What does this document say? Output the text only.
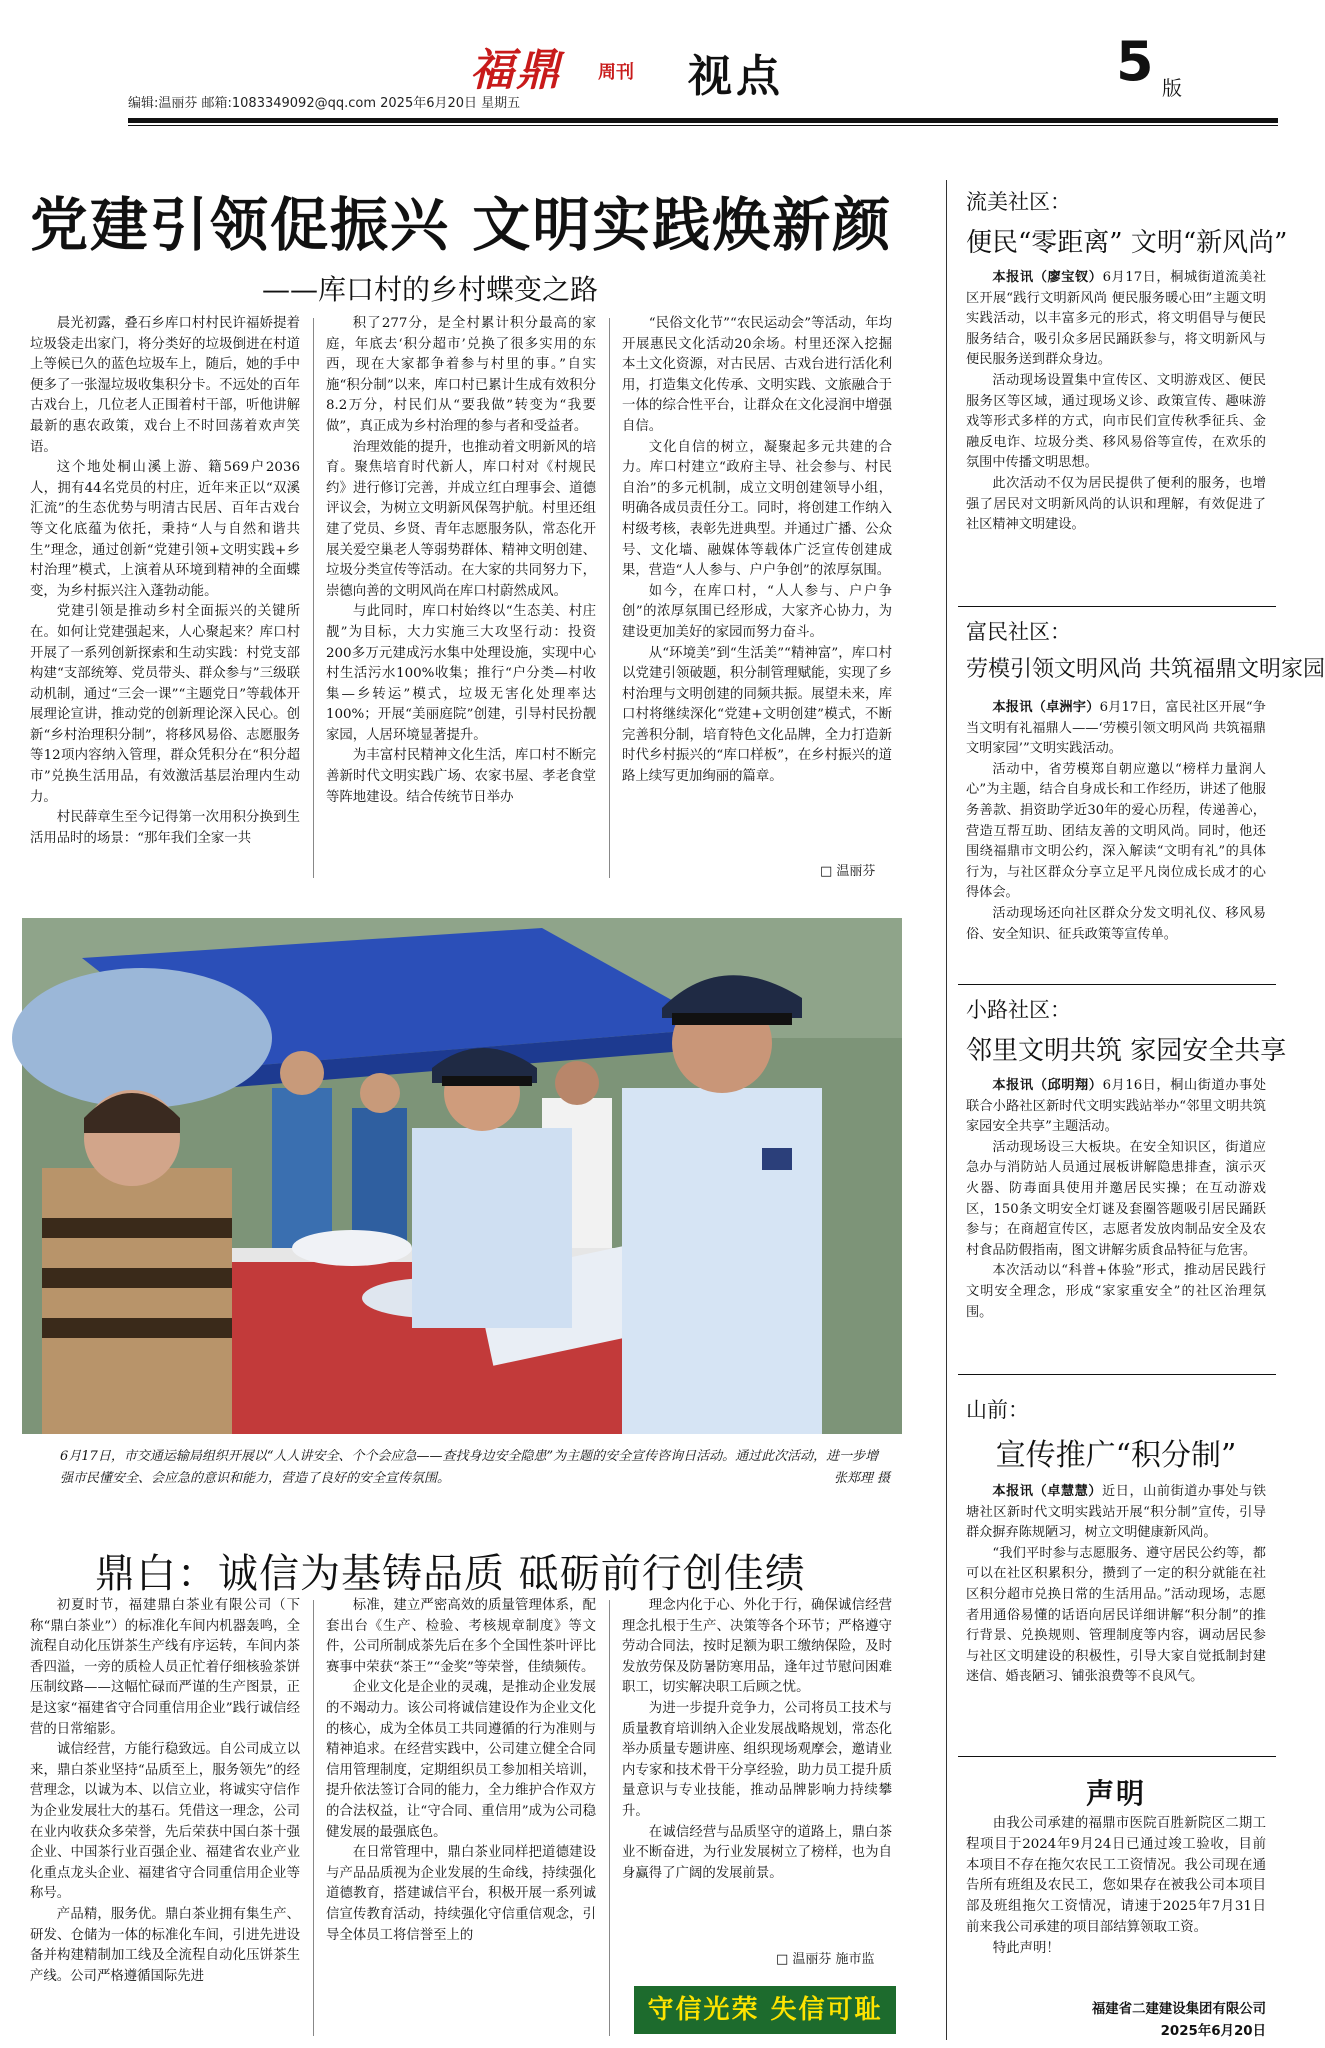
福鼎 周刊 视点	5 版
编辑:温丽芬 邮箱:1083349092@qq.com 2025年6月20日 星期五
党建引领促振兴 文明实践焕新颜
——库口村的乡村蝶变之路

晨光初露，叠石乡库口村村民许福娇提着垃圾袋走出家门，将分类好的垃圾倒进在村道上等候已久的蓝色垃圾车上，随后，她的手中便多了一张湿垃圾收集积分卡。不远处的百年古戏台上，几位老人正围着村干部，听他讲解最新的惠农政策，戏台上不时回荡着欢声笑语。

这个地处桐山溪上游、籍569户2036人，拥有44名党员的村庄，近年来正以“双溪汇流”的生态优势与明清古民居、百年古戏台等文化底蕴为依托，秉持“人与自然和谐共生”理念，通过创新“党建引领+文明实践+乡村治理”模式，上演着从环境到精神的全面蝶变，为乡村振兴注入蓬勃动能。

党建引领是推动乡村全面振兴的关键所在。如何让党建强起来，人心聚起来？库口村开展了一系列创新探索和生动实践：村党支部构建“支部统筹、党员带头、群众参与”三级联动机制，通过“三会一课”“主题党日”等载体开展理论宣讲，推动党的创新理论深入民心。创新“乡村治理积分制”，将移风易俗、志愿服务等12项内容纳入管理，群众凭积分在“积分超市”兑换生活用品，有效激活基层治理内生动力。

村民薛章生至今记得第一次用积分换到生活用品时的场景：“那年我们全家一共

积了277分，是全村累计积分最高的家庭，年底去‘积分超市’兑换了很多实用的东西，现在大家都争着参与村里的事。”自实施“积分制”以来，库口村已累计生成有效积分8.2万分，村民们从“要我做”转变为“我要做”，真正成为乡村治理的参与者和受益者。

治理效能的提升，也推动着文明新风的培育。聚焦培育时代新人，库口村对《村规民约》进行修订完善，并成立红白理事会、道德评议会，为树立文明新风保驾护航。村里还组建了党员、乡贤、青年志愿服务队，常态化开展关爱空巢老人等弱势群体、精神文明创建、垃圾分类宣传等活动。在大家的共同努力下，崇德向善的文明风尚在库口村蔚然成风。

与此同时，库口村始终以“生态美、村庄靓”为目标，大力实施三大攻坚行动：投资200多万元建成污水集中处理设施，实现中心村生活污水100%收集；推行“户分类—村收集—乡转运”模式，垃圾无害化处理率达100%；开展“美丽庭院”创建，引导村民扮靓家园，人居环境显著提升。

为丰富村民精神文化生活，库口村不断完善新时代文明实践广场、农家书屋、孝老食堂等阵地建设。结合传统节日举办

“民俗文化节”“农民运动会”等活动，年均开展惠民文化活动20余场。村里还深入挖掘本土文化资源，对古民居、古戏台进行活化利用，打造集文化传承、文明实践、文旅融合于一体的综合性平台，让群众在文化浸润中增强自信。

文化自信的树立，凝聚起多元共建的合力。库口村建立“政府主导、社会参与、村民自治”的多元机制，成立文明创建领导小组，明确各成员责任分工。同时，将创建工作纳入村级考核，表彰先进典型。并通过广播、公众号、文化墙、融媒体等载体广泛宣传创建成果，营造“人人参与、户户争创”的浓厚氛围。

如今，在库口村，“人人参与、户户争创”的浓厚氛围已经形成，大家齐心协力，为建设更加美好的家园而努力奋斗。

从“环境美”到“生活美”“精神富”，库口村以党建引领破题，积分制管理赋能，实现了乡村治理与文明创建的同频共振。展望未来，库口村将继续深化“党建+文明创建”模式，不断完善积分制，培育特色文化品牌，全力打造新时代乡村振兴的“库口样板”，在乡村振兴的道路上续写更加绚丽的篇章。

□ 温丽芬
6月17日，市交通运输局组织开展以“人人讲安全、个个会应急——查找身边安全隐患”为主题的安全宣传咨询日活动。通过此次活动，进一步增强市民懂安全、会应急的意识和能力，营造了良好的安全宣传氛围。	张郑理 摄
鼎白：诚信为基铸品质 砥砺前行创佳绩

初夏时节，福建鼎白茶业有限公司（下称“鼎白茶业”）的标准化车间内机器轰鸣，全流程自动化压饼茶生产线有序运转，车间内茶香四溢，一旁的质检人员正忙着仔细核验茶饼压制纹路——这幅忙碌而严谨的生产图景，正是这家“福建省守合同重信用企业”践行诚信经营的日常缩影。

诚信经营，方能行稳致远。自公司成立以来，鼎白茶业坚持“品质至上，服务领先”的经营理念，以诚为本、以信立业，将诚实守信作为企业发展壮大的基石。凭借这一理念，公司在业内收获众多荣誉，先后荣获中国白茶十强企业、中国茶行业百强企业、福建省农业产业化重点龙头企业、福建省守合同重信用企业等称号。

产品精，服务优。鼎白茶业拥有集生产、研发、仓储为一体的标准化车间，引进先进设备并构建精制加工线及全流程自动化压饼茶生产线。公司严格遵循国际先进

标准，建立严密高效的质量管理体系，配套出台《生产、检验、考核规章制度》等文件，公司所制成茶先后在多个全国性茶叶评比赛事中荣获“茶王”“金奖”等荣誉，佳绩频传。

企业文化是企业的灵魂，是推动企业发展的不竭动力。该公司将诚信建设作为企业文化的核心，成为全体员工共同遵循的行为准则与精神追求。在经营实践中，公司建立健全合同信用管理制度，定期组织员工参加相关培训，提升依法签订合同的能力，全力维护合作双方的合法权益，让“守合同、重信用”成为公司稳健发展的最强底色。

在日常管理中，鼎白茶业同样把道德建设与产品品质视为企业发展的生命线，持续强化道德教育，搭建诚信平台，积极开展一系列诚信宣传教育活动，持续强化守信重信观念，引导全体员工将信誉至上的

理念内化于心、外化于行，确保诚信经营理念扎根于生产、决策等各个环节；严格遵守劳动合同法，按时足额为职工缴纳保险，及时发放劳保及防暑防寒用品，逢年过节慰问困难职工，切实解决职工后顾之忧。

为进一步提升竞争力，公司将员工技术与质量教育培训纳入企业发展战略规划，常态化举办质量专题讲座、组织现场观摩会，邀请业内专家和技术骨干分享经验，助力员工提升质量意识与专业技能，推动品牌影响力持续攀升。

在诚信经营与品质坚守的道路上，鼎白茶业不断奋进，为行业发展树立了榜样，也为自身赢得了广阔的发展前景。

□ 温丽芬 施市监
守信光荣 失信可耻
流美社区：
便民“零距离” 文明“新风尚”

本报讯（廖宝钗）6月17日，桐城街道流美社区开展“践行文明新风尚 便民服务暖心田”主题文明实践活动，以丰富多元的形式，将文明倡导与便民服务结合，吸引众多居民踊跃参与，将文明新风与便民服务送到群众身边。

活动现场设置集中宣传区、文明游戏区、便民服务区等区域，通过现场义诊、政策宣传、趣味游戏等形式多样的方式，向市民们宣传秋季征兵、金融反电诈、垃圾分类、移风易俗等宣传，在欢乐的氛围中传播文明思想。

此次活动不仅为居民提供了便利的服务，也增强了居民对文明新风尚的认识和理解，有效促进了社区精神文明建设。

富民社区：
劳模引领文明风尚 共筑福鼎文明家园

本报讯（卓洲宇）6月17日，富民社区开展“争当文明有礼福鼎人——‘劳模引领文明风尚 共筑福鼎文明家园’”文明实践活动。

活动中，省劳模郑自朝应邀以“榜样力量润人心”为主题，结合自身成长和工作经历，讲述了他服务善款、捐资助学近30年的爱心历程，传递善心，营造互帮互助、团结友善的文明风尚。同时，他还围绕福鼎市文明公约，深入解读“文明有礼”的具体行为，与社区群众分享立足平凡岗位成长成才的心得体会。

活动现场还向社区群众分发文明礼仪、移风易俗、安全知识、征兵政策等宣传单。

小路社区：
邻里文明共筑 家园安全共享

本报讯（邱明翔）6月16日，桐山街道办事处联合小路社区新时代文明实践站举办“邻里文明共筑 家园安全共享”主题活动。

活动现场设三大板块。在安全知识区，街道应急办与消防站人员通过展板讲解隐患排查，演示灭火器、防毒面具使用并邀居民实操；在互动游戏区，150条文明安全灯谜及套圈答题吸引居民踊跃参与；在商超宣传区，志愿者发放肉制品安全及农村食品防假指南，图文讲解劣质食品特征与危害。

本次活动以“科普+体验”形式，推动居民践行文明安全理念，形成“家家重安全”的社区治理氛围。

山前：
宣传推广“积分制”

本报讯（卓慧慧）近日，山前街道办事处与铁塘社区新时代文明实践站开展“积分制”宣传，引导群众摒弃陈规陋习，树立文明健康新风尚。

“我们平时参与志愿服务、遵守居民公约等，都可以在社区积累积分，攒到了一定的积分就能在社区积分超市兑换日常的生活用品。”活动现场，志愿者用通俗易懂的话语向居民详细讲解“积分制”的推行背景、兑换规则、管理制度等内容，调动居民参与社区文明建设的积极性，引导大家自觉抵制封建迷信、婚丧陋习、铺张浪费等不良风气。

声明

由我公司承建的福鼎市医院百胜新院区二期工程项目于2024年9月24日已通过竣工验收，目前本项目不存在拖欠农民工工资情况。我公司现在通告所有班组及农民工，您如果存在被我公司本项目部及班组拖欠工资情况，请速于2025年7月31日前来我公司承建的项目部结算领取工资。

特此声明！

福建省二建建设集团有限公司
2025年6月20日
